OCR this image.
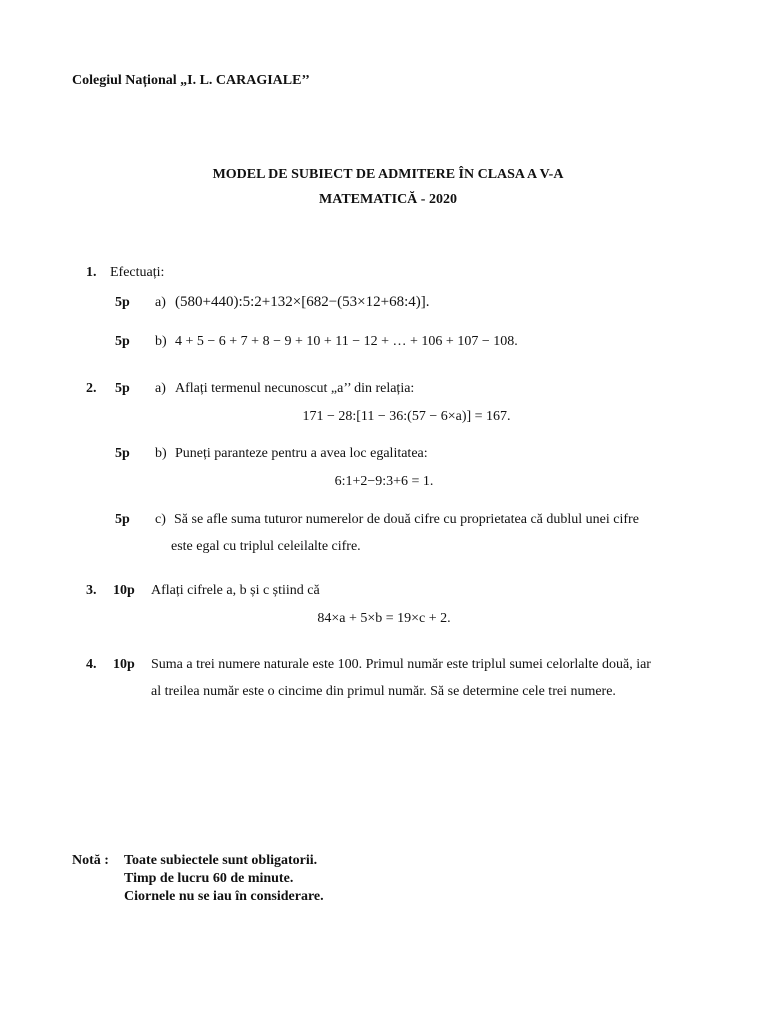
Colegiul Național „I. L. CARAGIALE’’
MODEL DE SUBIECT DE ADMITERE ÎN CLASA A V-A
MATEMATICĂ - 2020
1. Efectuați:
5p a) (580+440):5:2+132×[682−(53×12+68:4)].
5p b) 4 + 5 − 6 + 7 + 8 − 9 + 10 + 11 − 12 + … + 106 + 107 − 108.
2. 5p a) Aflați termenul necunoscut „a’’ din relația:
171 − 28:[11 − 36:(57 − 6×a)] = 167.
5p b) Puneți paranteze pentru a avea loc egalitatea:
6:1+2−9:3+6 = 1.
5p c) Să se afle suma tuturor numerelor de două cifre cu proprietatea că dublul unei cifre
este egal cu triplul celeilalte cifre.
3. 10p Aflați cifrele a, b și c știind că
84×a + 5×b = 19×c + 2.
4. 10p Suma a trei numere naturale este 100. Primul număr este triplul sumei celorlalte două, iar
al treilea număr este o cincime din primul număr. Să se determine cele trei numere.
Notă : Toate subiectele sunt obligatorii.
Timp de lucru 60 de minute.
Ciornele nu se iau în considerare.
